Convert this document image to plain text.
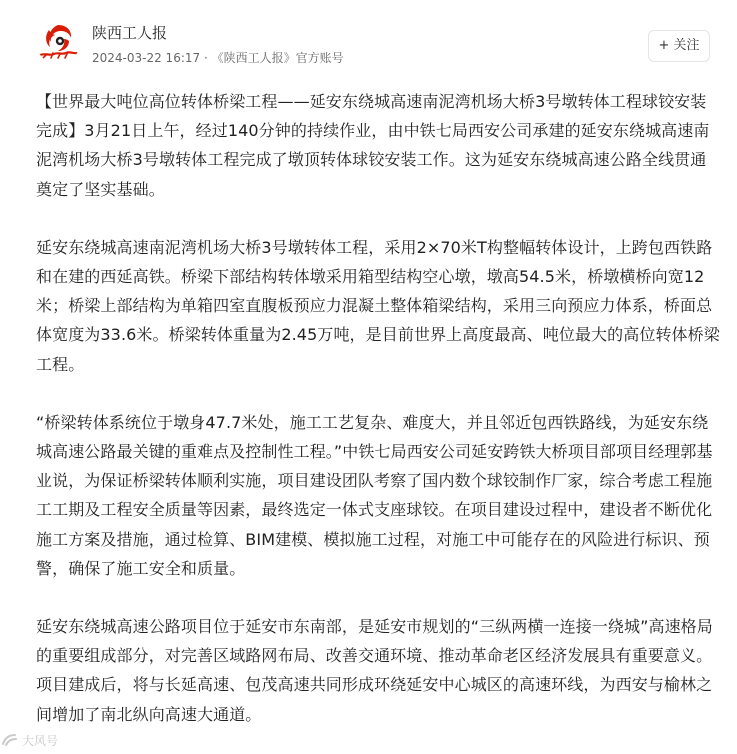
陕西工人报
2024-03-22 16:17 · 《陕西工人报》官方账号
+ 关注

【世界最大吨位高位转体桥梁工程——延安东绕城高速南泥湾机场大桥3号墩转体工程球铰安装完成】3月21日上午，经过140分钟的持续作业，由中铁七局西安公司承建的延安东绕城高速南泥湾机场大桥3号墩转体工程完成了墩顶转体球铰安装工作。这为延安东绕城高速公路全线贯通奠定了坚实基础。

延安东绕城高速南泥湾机场大桥3号墩转体工程，采用2×70米T构整幅转体设计，上跨包西铁路和在建的西延高铁。桥梁下部结构转体墩采用箱型结构空心墩，墩高54.5米，桥墩横桥向宽12米；桥梁上部结构为单箱四室直腹板预应力混凝土整体箱梁结构，采用三向预应力体系，桥面总体宽度为33.6米。桥梁转体重量为2.45万吨，是目前世界上高度最高、吨位最大的高位转体桥梁工程。

“桥梁转体系统位于墩身47.7米处，施工工艺复杂、难度大，并且邻近包西铁路线，为延安东绕城高速公路最关键的重难点及控制性工程。”中铁七局西安公司延安跨铁大桥项目部项目经理郭基业说，为保证桥梁转体顺利实施，项目建设团队考察了国内数个球铰制作厂家，综合考虑工程施工工期及工程安全质量等因素，最终选定一体式支座球铰。在项目建设过程中，建设者不断优化施工方案及措施，通过检算、BIM建模、模拟施工过程，对施工中可能存在的风险进行标识、预警，确保了施工安全和质量。

延安东绕城高速公路项目位于延安市东南部，是延安市规划的“三纵两横一连接一绕城”高速格局的重要组成部分，对完善区域路网布局、改善交通环境、推动革命老区经济发展具有重要意义。项目建成后，将与长延高速、包茂高速共同形成环绕延安中心城区的高速环线，为西安与榆林之间增加了南北纵向高速大通道。

大风号
